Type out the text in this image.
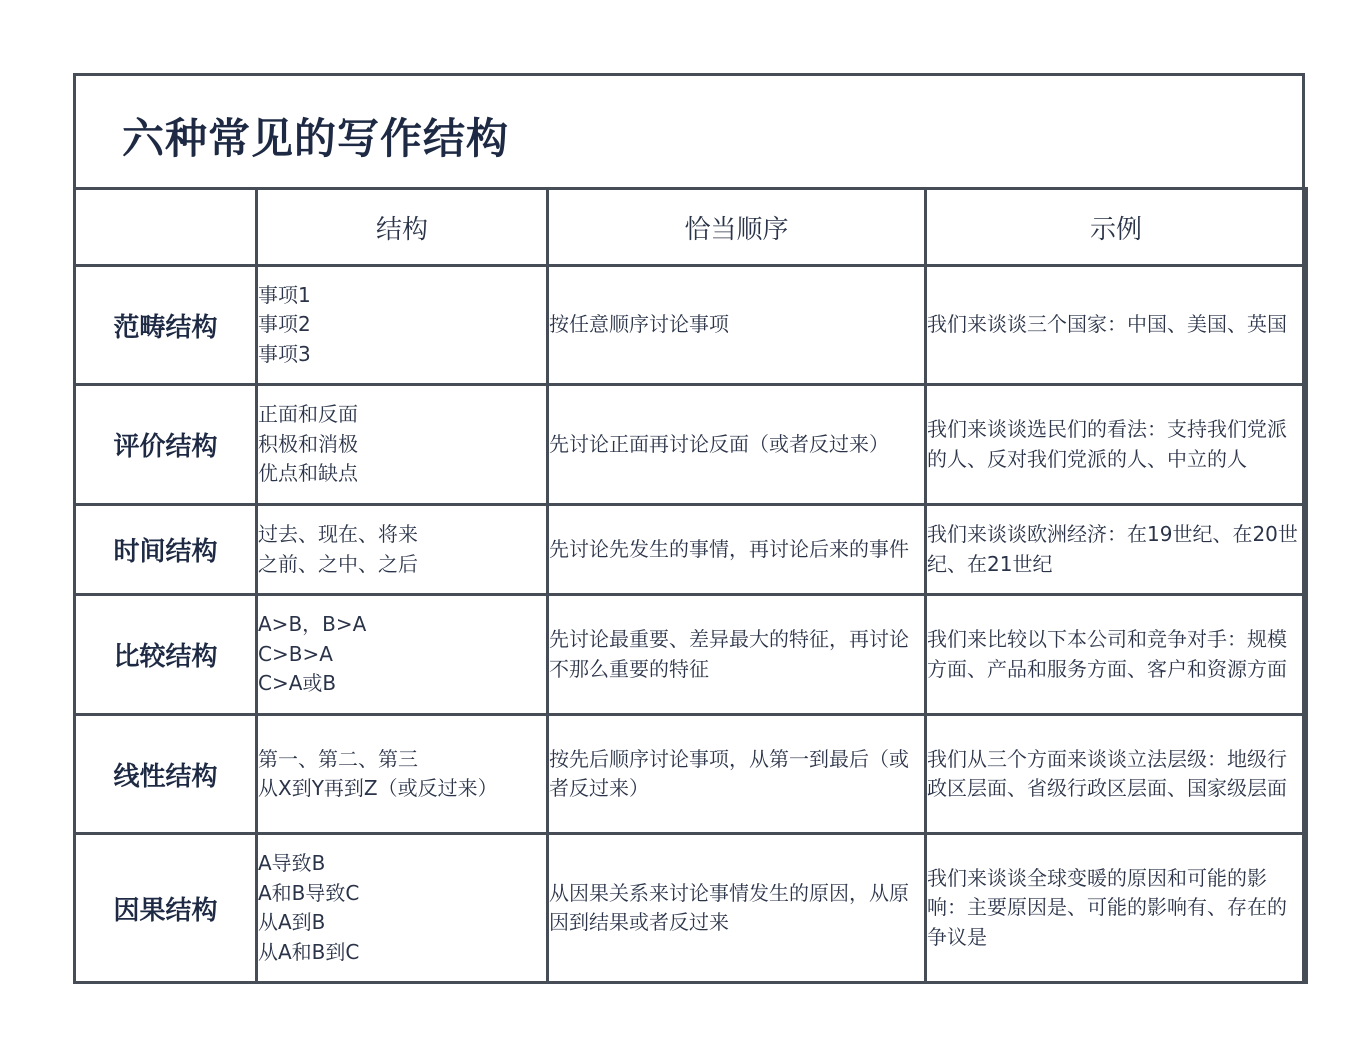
六种常见的写作结构
	结构	恰当顺序	示例
范畴结构	事项1
事项2
事项3	按任意顺序讨论事项	我们来谈谈三个国家：中国、美国、英国

评价结构	正面和反面
积极和消极
优点和缺点	先讨论正面再讨论反面（或者反过来）	我们来谈谈选民们的看法：支持我们党派的人、反对我们党派的人、中立的人

时间结构	过去、现在、将来
之前、之中、之后	先讨论先发生的事情，再讨论后来的事件	我们来谈谈欧洲经济：在19世纪、在20世纪、在21世纪

比较结构	A>B，B>A
C>B>A
C>A或B	先讨论最重要、差异最大的特征，再讨论不那么重要的特征	我们来比较以下本公司和竞争对手：规模方面、产品和服务方面、客户和资源方面

线性结构	第一、第二、第三
从X到Y再到Z（或反过来）	按先后顺序讨论事项，从第一到最后（或者反过来）	我们从三个方面来谈谈立法层级：地级行政区层面、省级行政区层面、国家级层面

因果结构	A导致B
A和B导致C
从A到B
从A和B到C	从因果关系来讨论事情发生的原因，从原因到结果或者反过来	我们来谈谈全球变暖的原因和可能的影响：主要原因是、可能的影响有、存在的争议是
